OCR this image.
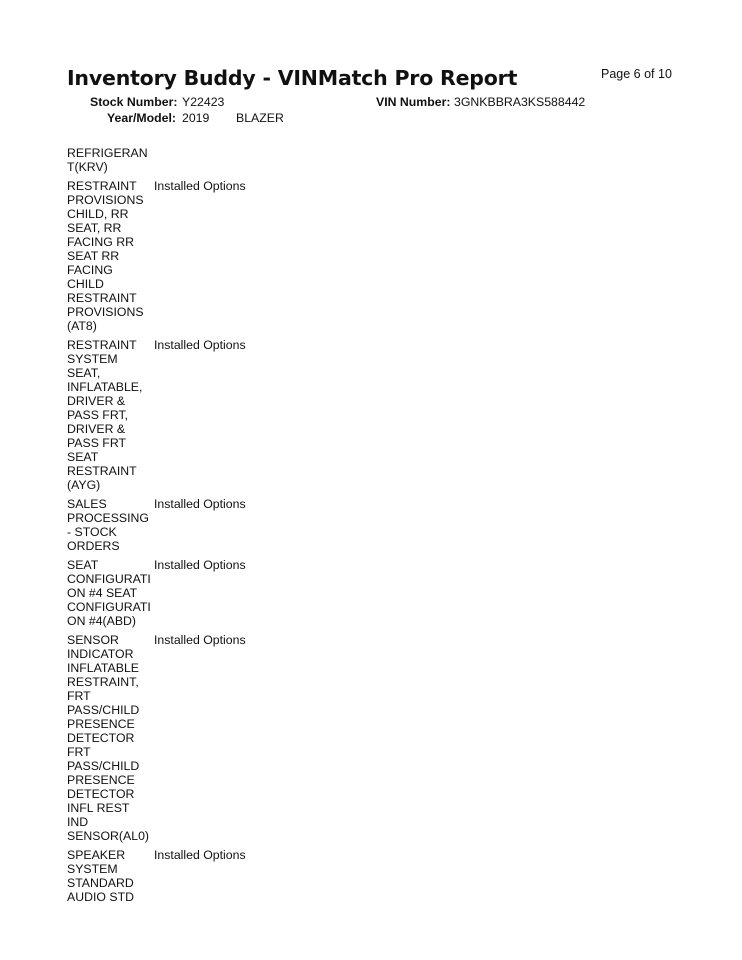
Inventory Buddy - VINMatch Pro Report	Page 6 of 10
Stock Number: Y22423	VIN Number: 3GNKBBRA3KS588442
Year/Model: 2019 BLAZER
REFRIGERAN
T(KRV)
RESTRAINT
PROVISIONS
CHILD, RR
SEAT, RR
FACING RR
SEAT RR
FACING
CHILD
RESTRAINT
PROVISIONS
(AT8)
Installed Options
RESTRAINT
SYSTEM
SEAT,
INFLATABLE,
DRIVER &
PASS FRT,
DRIVER &
PASS FRT
SEAT
RESTRAINT
(AYG)
Installed Options
SALES
PROCESSING
- STOCK
ORDERS
Installed Options
SEAT
CONFIGURATI
ON #4 SEAT
CONFIGURATI
ON #4(ABD)
Installed Options
SENSOR
INDICATOR
INFLATABLE
RESTRAINT,
FRT
PASS/CHILD
PRESENCE
DETECTOR
FRT
PASS/CHILD
PRESENCE
DETECTOR
INFL REST
IND
SENSOR(AL0)
Installed Options
SPEAKER
SYSTEM
STANDARD
AUDIO STD
Installed Options
